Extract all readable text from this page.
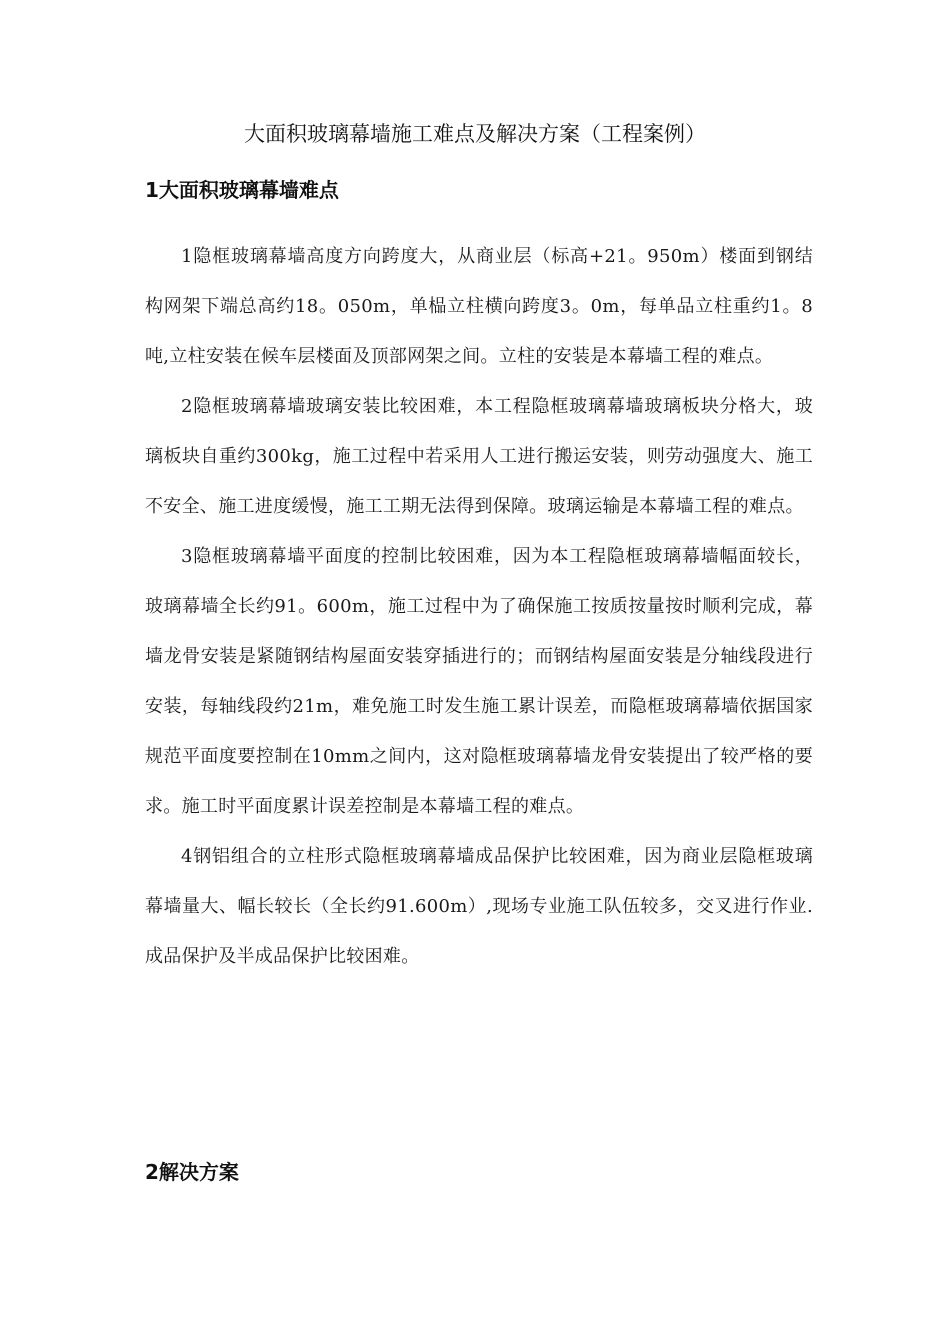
大面积玻璃幕墙施工难点及解决方案（工程案例）
1大面积玻璃幕墙难点

1隐框玻璃幕墙高度方向跨度大，从商业层（标高+21。950m）楼面到钢结构网架下端总高约18。050m，单榀立柱横向跨度3。0m，每单品立柱重约1。8吨,立柱安装在候车层楼面及顶部网架之间。立柱的安装是本幕墙工程的难点。

2隐框玻璃幕墙玻璃安装比较困难，本工程隐框玻璃幕墙玻璃板块分格大，玻璃板块自重约300kg，施工过程中若采用人工进行搬运安装，则劳动强度大、施工不安全、施工进度缓慢，施工工期无法得到保障。玻璃运输是本幕墙工程的难点。

3隐框玻璃幕墙平面度的控制比较困难，因为本工程隐框玻璃幕墙幅面较长，玻璃幕墙全长约91。600m，施工过程中为了确保施工按质按量按时顺利完成，幕墙龙骨安装是紧随钢结构屋面安装穿插进行的；而钢结构屋面安装是分轴线段进行安装，每轴线段约21m，难免施工时发生施工累计误差，而隐框玻璃幕墙依据国家规范平面度要控制在10mm之间内，这对隐框玻璃幕墙龙骨安装提出了较严格的要求。施工时平面度累计误差控制是本幕墙工程的难点。

4钢铝组合的立柱形式隐框玻璃幕墙成品保护比较困难，因为商业层隐框玻璃幕墙量大、幅长较长（全长约91.600m）,现场专业施工队伍较多，交叉进行作业.成品保护及半成品保护比较困难。

2解决方案
